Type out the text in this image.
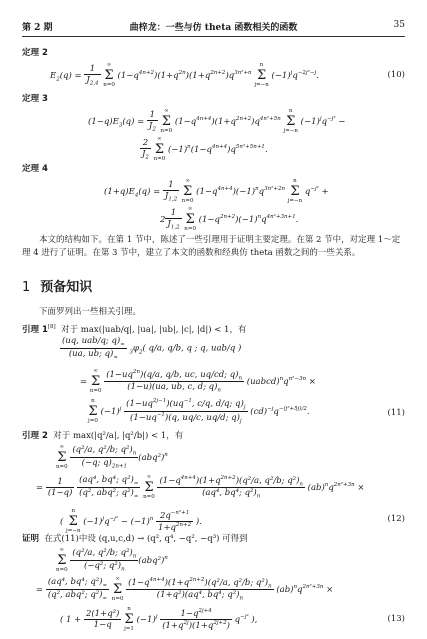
第 2 期	曲梓龙：一些与仿 theta 函数相关的函数	35
定理 2
$E_2(q) = \frac{1}{J_{2,4}}$
	∞
Σ
n=0
$(1-q^{4n+2})(1+q^{2n})(1+q^{2n+2})q^{3n^2+n}$
n
Σ
j=−n
$(-1)^jq^{-2j^2-j}$.	(10)
定理 3
$(1-q)E_3(q) = \frac{1}{J_2}$
	∞
Σ
n=0
$(1-q^{4n+4})(1+q^{2n+2})q^{4n^2+5n}$
n
Σ
j=−n
$(-1)^jq^{-j^2}$ −
$\frac{2}{J_2}$
	∞
Σ
n=0
$(-1)^n(1-q^{4n+4})q^{5n^2+5n+1}$.
定理 4
$(1+q)E_4(q) = \frac{1}{J_{1,2}}$
	∞
Σ
n=0
$(1-q^{4n+4})(-1)^nq^{3n^2+2n}$
n
Σ
j=−n
$q^{-j^2}$ +
$2 \frac{1}{J_{1,2}}$
	∞
Σ
n=0
$(1-q^{2n+2})(-1)^nq^{4n^2+3n+1}$.
本文的结构如下。在第 1 节中，陈述了一些引理用于证明主要定理。在第 2 节中，对定理 1～定理 4 进行了证明。在第 3 节中，建立了本文的函数和经典仿 theta 函数之间的一些关系。
1 预备知识
下面罗列出一些相关引理。
引理 1[8] 对于 max(|uab/q|, |ua|, |ub|, |c|, |d|) < 1，有
$\frac{(uq, uab/q; q)_\infty}{(ua, ub; q)_\infty} _3\varphi_2$( q/a, q/b, q ; q, uab/q )
=
∞
Σ
n=0
$\frac{(1-uq^{2n})(q/a, q/b, uc, uq/cd; q)_n}{(1-u)(ua, ub, c, d; q)_n}$ $(uabcd)^nq^{n^2-3n}$ ×
n
Σ
j=0
$(-1)^j \frac{(1-uq^{2j-1})(uq^{-1}, c/q, d/q; q)_j}{(1-uq^{-1})(q, uq/c, uq/d; q)_j} (cd)^{-j}q^{-(j^2+5j)/2}$.	(11)
引理 2 对于 max(|q²/a|, |q²/b|) < 1，有
∞
Σ
n=0
$\frac{(q^2/a, q^2/b; q^2)_n}{(-q; q)_{2n+1}} (abq^2)^n$
= $\frac{1}{(1-q)}$
$\frac{(aq^4, bq^4; q^2)_\infty}{(q^2, abq^2; q^2)_\infty}$
	∞
Σ
n=0
$\frac{(1-q^{4n+4})(1+q^{2n+2})(q^2/a, q^2/b; q^2)_n}{(aq^4, bq^4; q^2)_n} (ab)^nq^{2n^2+3n}$ ×
(
n
Σ
j=−n
$(-1)^jq^{-j^2} - (-1)^n \frac{2q^{-n^2+1}}{1+q^{2n+2}}$ ).	(12)
证明 在式(11)中设 (q,u,c,d) → (q², q⁴, −q², −q³) 可得到
∞
Σ
n=0
$\frac{(q^2/a, q^2/b; q^2)_n}{(-q^2; q^2)_n} (abq^2)^n$
= $\frac{(aq^4, bq^4; q^2)_\infty}{(q^2, abq^2; q^2)_\infty}$
	∞
Σ
n=0
$\frac{(1-q^{4n+4})(1+q^{2n+2})(q^2/a, q^2/b; q^2)_n}{(1+q^2)(aq^4, bq^4; q^2)_n} (ab)^nq^{2n^2+3n}$ ×
( $1 + \frac{\text{2(1+q²)}}{1-q}$
	n
Σ
j=1
$(-1)^j \frac{1-q^{2j+4}}{(1+q^{2j})(1+q^{2j+2})} q^{-j^2}$ ),	(13)
